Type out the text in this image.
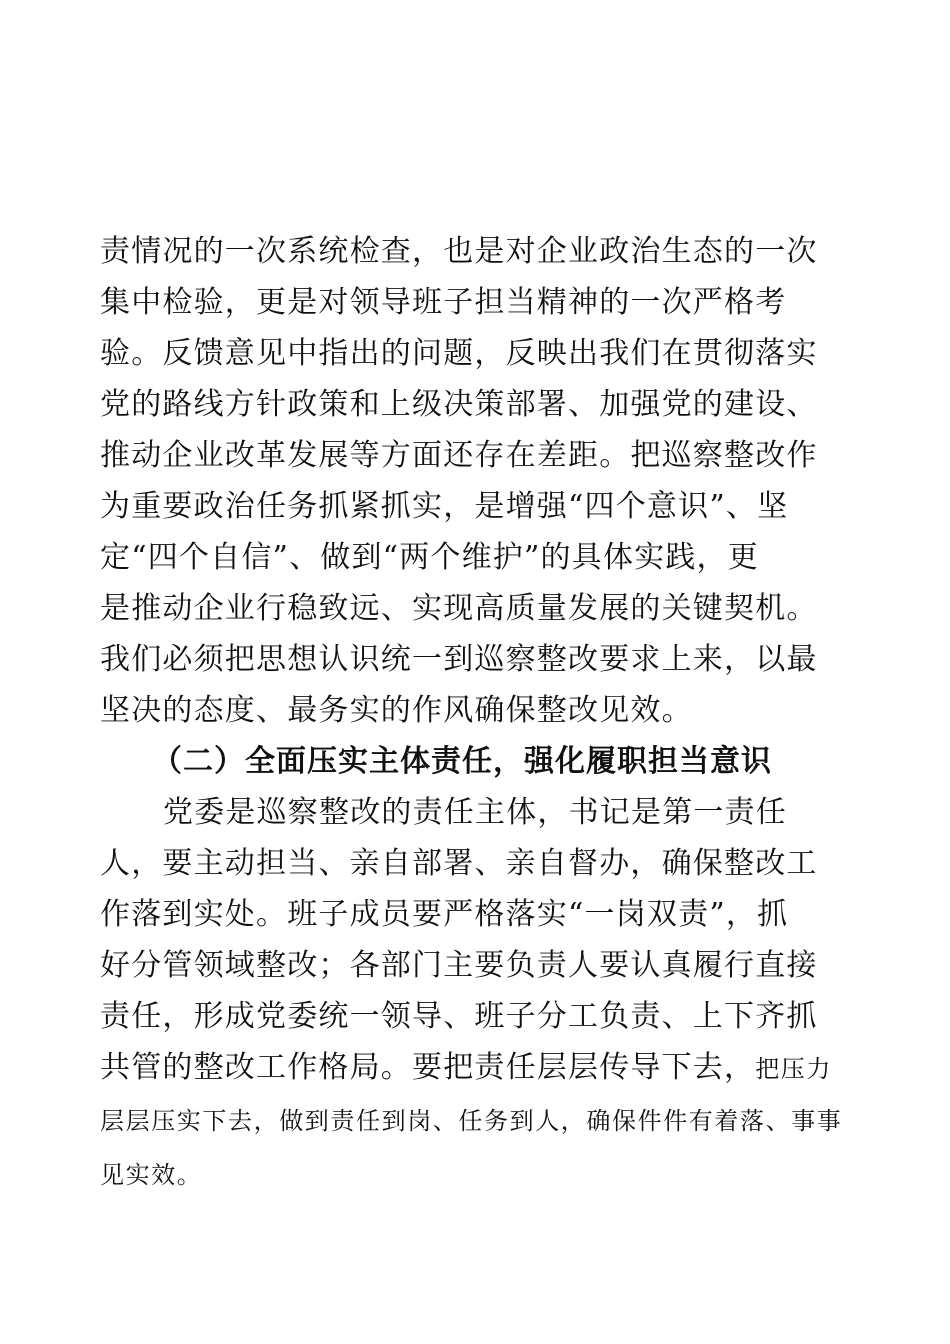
责情况的一次系统检查，也是对企业政治生态的一次
集中检验，更是对领导班子担当精神的一次严格考
验。反馈意见中指出的问题，反映出我们在贯彻落实
党的路线方针政策和上级决策部署、加强党的建设、
推动企业改革发展等方面还存在差距。把巡察整改作
为重要政治任务抓紧抓实，是增强“四个意识”、坚
定“四个自信”、做到“两个维护”的具体实践，更
是推动企业行稳致远、实现高质量发展的关键契机。
我们必须把思想认识统一到巡察整改要求上来，以最
坚决的态度、最务实的作风确保整改见效。
（二）全面压实主体责任，强化履职担当意识
党委是巡察整改的责任主体，书记是第一责任
人，要主动担当、亲自部署、亲自督办，确保整改工
作落到实处。班子成员要严格落实“一岗双责”，抓
好分管领域整改；各部门主要负责人要认真履行直接
责任，形成党委统一领导、班子分工负责、上下齐抓
共管的整改工作格局。要把责任层层传导下去，把压力
层层压实下去，做到责任到岗、任务到人，确保件件有着落、事事
见实效。
